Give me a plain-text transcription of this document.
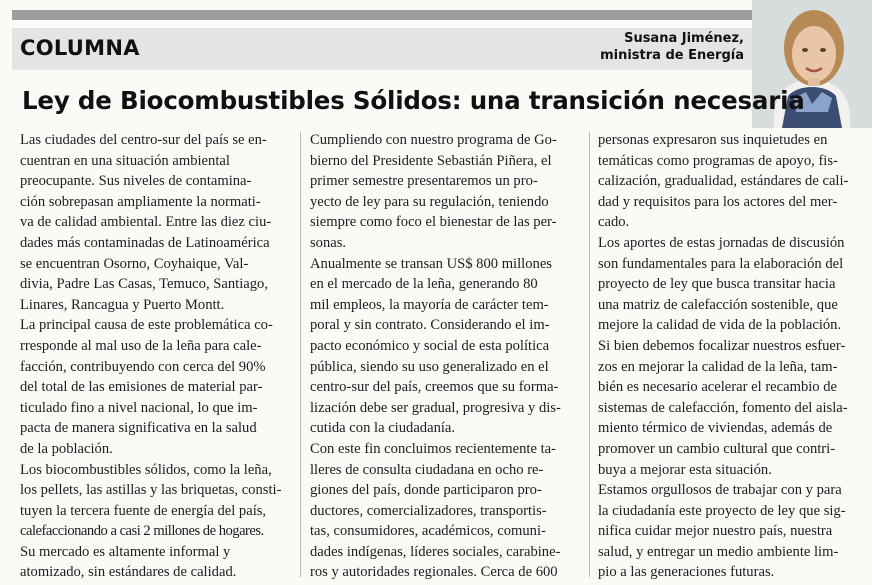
COLUMNA	Susana Jiménez,
ministra de Energía
Ley de Biocombustibles Sólidos: una transición necesaria

Las ciudades del centro-sur del país se en-

cuentran en una situación ambiental

preocupante. Sus niveles de contamina-

ción sobrepasan ampliamente la normati-

va de calidad ambiental. Entre las diez ciu-

dades más contaminadas de Latinoamérica

se encuentran Osorno, Coyhaique, Val-

divia, Padre Las Casas, Temuco, Santiago,

Linares, Rancagua y Puerto Montt.

La principal causa de este problemática co-

rresponde al mal uso de la leña para cale-

facción, contribuyendo con cerca del 90%

del total de las emisiones de material par-

ticulado fino a nivel nacional, lo que im-

pacta de manera significativa en la salud

de la población.

Los biocombustibles sólidos, como la leña,

los pellets, las astillas y las briquetas, consti-

tuyen la tercera fuente de energía del país,

calefaccionando a casi 2 millones de hogares.

Su mercado es altamente informal y

atomizado, sin estándares de calidad.

Cumpliendo con nuestro programa de Go-

bierno del Presidente Sebastián Piñera, el

primer semestre presentaremos un pro-

yecto de ley para su regulación, teniendo

siempre como foco el bienestar de las per-

sonas.

Anualmente se transan US$ 800 millones

en el mercado de la leña, generando 80

mil empleos, la mayoría de carácter tem-

poral y sin contrato. Considerando el im-

pacto económico y social de esta política

pública, siendo su uso generalizado en el

centro-sur del país, creemos que su forma-

lización debe ser gradual, progresiva y dis-

cutida con la ciudadanía.

Con este fin concluimos recientemente ta-

lleres de consulta ciudadana en ocho re-

giones del país, donde participaron pro-

ductores, comercializadores, transportis-

tas, consumidores, académicos, comuni-

dades indígenas, líderes sociales, carabine-

ros y autoridades regionales. Cerca de 600

personas expresaron sus inquietudes en

temáticas como programas de apoyo, fis-

calización, gradualidad, estándares de cali-

dad y requisitos para los actores del mer-

cado.

Los aportes de estas jornadas de discusión

son fundamentales para la elaboración del

proyecto de ley que busca transitar hacia

una matriz de calefacción sostenible, que

mejore la calidad de vida de la población.

Si bien debemos focalizar nuestros esfuer-

zos en mejorar la calidad de la leña, tam-

bién es necesario acelerar el recambio de

sistemas de calefacción, fomento del aisla-

miento térmico de viviendas, además de

promover un cambio cultural que contri-

buya a mejorar esta situación.

Estamos orgullosos de trabajar con y para

la ciudadanía este proyecto de ley que sig-

nifica cuidar mejor nuestro país, nuestra

salud, y entregar un medio ambiente lim-

pio a las generaciones futuras.
